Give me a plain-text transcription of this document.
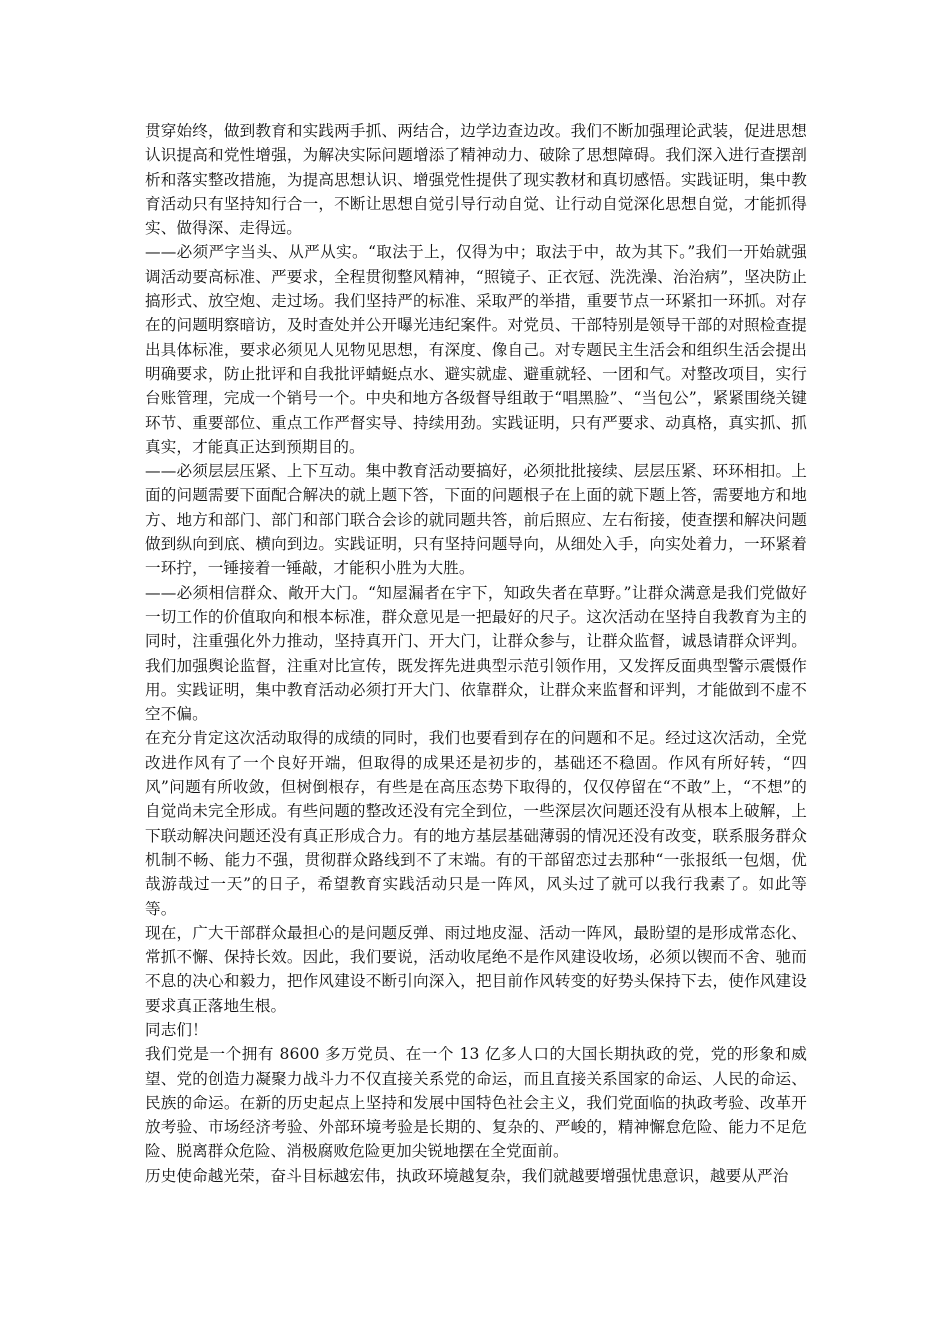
贯穿始终，做到教育和实践两手抓、两结合，边学边查边改。我们不断加强理论武装，促进思想认识提高和党性增强，为解决实际问题增添了精神动力、破除了思想障碍。我们深入进行查摆剖析和落实整改措施，为提高思想认识、增强党性提供了现实教材和真切感悟。实践证明，集中教育活动只有坚持知行合一，不断让思想自觉引导行动自觉、让行动自觉深化思想自觉，才能抓得实、做得深、走得远。

——必须严字当头、从严从实。“取法于上，仅得为中；取法于中，故为其下。”我们一开始就强调活动要高标准、严要求，全程贯彻整风精神，“照镜子、正衣冠、洗洗澡、治治病”，坚决防止搞形式、放空炮、走过场。我们坚持严的标准、采取严的举措，重要节点一环紧扣一环抓。对存在的问题明察暗访，及时查处并公开曝光违纪案件。对党员、干部特别是领导干部的对照检查提出具体标准，要求必须见人见物见思想，有深度、像自己。对专题民主生活会和组织生活会提出明确要求，防止批评和自我批评蜻蜓点水、避实就虚、避重就轻、一团和气。对整改项目，实行台账管理，完成一个销号一个。中央和地方各级督导组敢于“唱黑脸”、“当包公”，紧紧围绕关键环节、重要部位、重点工作严督实导、持续用劲。实践证明，只有严要求、动真格，真实抓、抓真实，才能真正达到预期目的。

——必须层层压紧、上下互动。集中教育活动要搞好，必须批批接续、层层压紧、环环相扣。上面的问题需要下面配合解决的就上题下答，下面的问题根子在上面的就下题上答，需要地方和地方、地方和部门、部门和部门联合会诊的就同题共答，前后照应、左右衔接，使查摆和解决问题做到纵向到底、横向到边。实践证明，只有坚持问题导向，从细处入手，向实处着力，一环紧着一环拧，一锤接着一锤敲，才能积小胜为大胜。

——必须相信群众、敞开大门。“知屋漏者在宇下，知政失者在草野。”让群众满意是我们党做好一切工作的价值取向和根本标准，群众意见是一把最好的尺子。这次活动在坚持自我教育为主的同时，注重强化外力推动，坚持真开门、开大门，让群众参与，让群众监督，诚恳请群众评判。我们加强舆论监督，注重对比宣传，既发挥先进典型示范引领作用，又发挥反面典型警示震慑作用。实践证明，集中教育活动必须打开大门、依靠群众，让群众来监督和评判，才能做到不虚不空不偏。

在充分肯定这次活动取得的成绩的同时，我们也要看到存在的问题和不足。经过这次活动，全党改进作风有了一个良好开端，但取得的成果还是初步的，基础还不稳固。作风有所好转，“四风”问题有所收敛，但树倒根存，有些是在高压态势下取得的，仅仅停留在“不敢”上，“不想”的自觉尚未完全形成。有些问题的整改还没有完全到位，一些深层次问题还没有从根本上破解，上下联动解决问题还没有真正形成合力。有的地方基层基础薄弱的情况还没有改变，联系服务群众机制不畅、能力不强，贯彻群众路线到不了末端。有的干部留恋过去那种“一张报纸一包烟，优哉游哉过一天”的日子，希望教育实践活动只是一阵风，风头过了就可以我行我素了。如此等等。

现在，广大干部群众最担心的是问题反弹、雨过地皮湿、活动一阵风，最盼望的是形成常态化、常抓不懈、保持长效。因此，我们要说，活动收尾绝不是作风建设收场，必须以锲而不舍、驰而不息的决心和毅力，把作风建设不断引向深入，把目前作风转变的好势头保持下去，使作风建设要求真正落地生根。

同志们！

我们党是一个拥有 8600 多万党员、在一个 13 亿多人口的大国长期执政的党，党的形象和威望、党的创造力凝聚力战斗力不仅直接关系党的命运，而且直接关系国家的命运、人民的命运、民族的命运。在新的历史起点上坚持和发展中国特色社会主义，我们党面临的执政考验、改革开放考验、市场经济考验、外部环境考验是长期的、复杂的、严峻的，精神懈怠危险、能力不足危险、脱离群众危险、消极腐败危险更加尖锐地摆在全党面前。

历史使命越光荣，奋斗目标越宏伟，执政环境越复杂，我们就越要增强忧患意识，越要从严治
